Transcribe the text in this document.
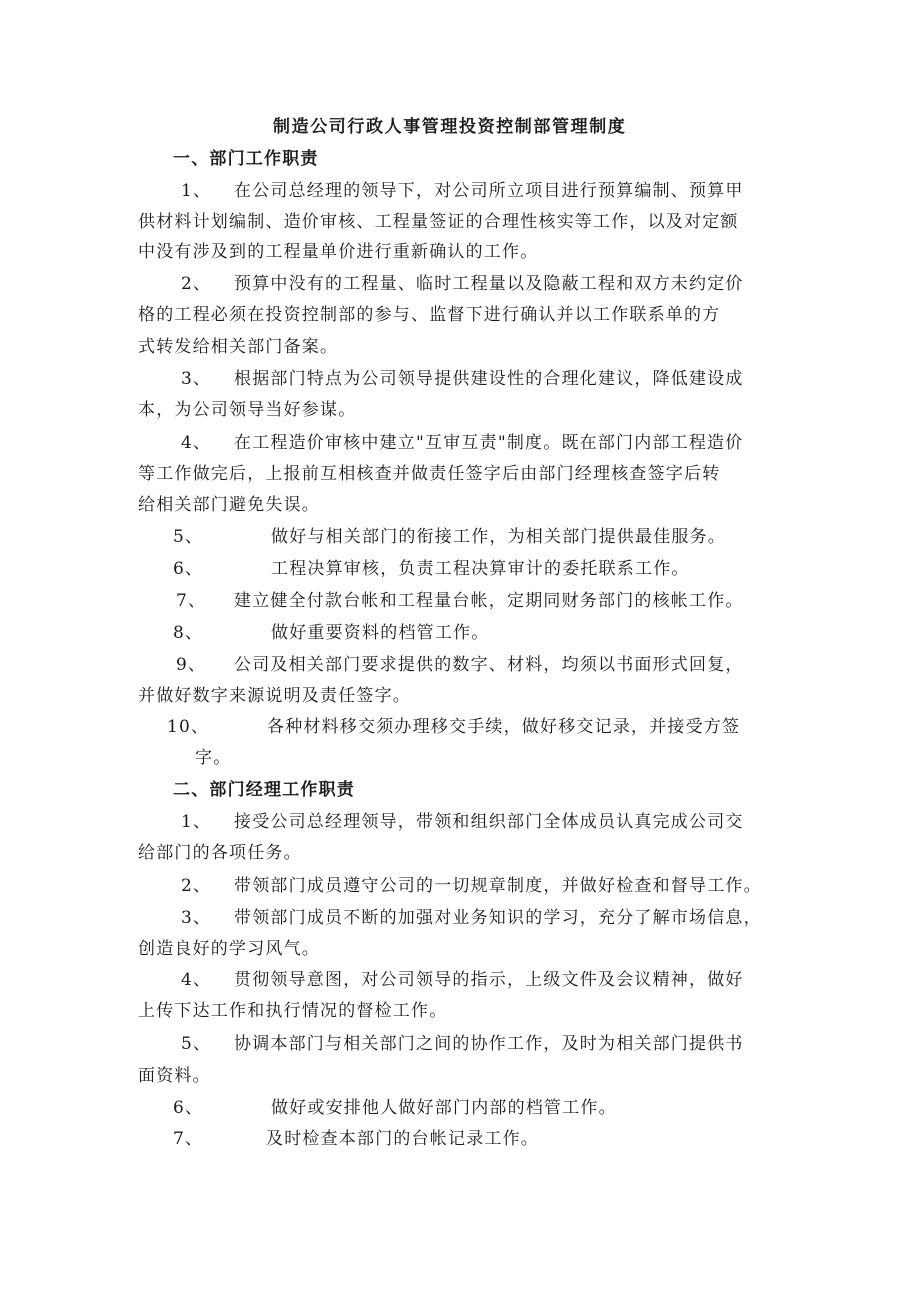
制造公司行政人事管理投资控制部管理制度
一、部门工作职责
1、 在公司总经理的领导下，对公司所立项目进行预算编制、预算甲
供材料计划编制、造价审核、工程量签证的合理性核实等工作，以及对定额
中没有涉及到的工程量单价进行重新确认的工作。
2、 预算中没有的工程量、临时工程量以及隐蔽工程和双方未约定价
格的工程必须在投资控制部的参与、监督下进行确认并以工作联系单的方
式转发给相关部门备案。
3、 根据部门特点为公司领导提供建设性的合理化建议，降低建设成
本，为公司领导当好参谋。
4、 在工程造价审核中建立"互审互责"制度。既在部门内部工程造价
等工作做完后，上报前互相核查并做责任签字后由部门经理核查签字后转
给相关部门避免失误。
5、	做好与相关部门的衔接工作，为相关部门提供最佳服务。
6、	工程决算审核，负责工程决算审计的委托联系工作。
7、 建立健全付款台帐和工程量台帐，定期同财务部门的核帐工作。
8、	做好重要资料的档管工作。
9、 公司及相关部门要求提供的数字、材料，均须以书面形式回复，
并做好数字来源说明及责任签字。
10、	各种材料移交须办理移交手续，做好移交记录，并接受方签
字。
二、部门经理工作职责
1、 接受公司总经理领导，带领和组织部门全体成员认真完成公司交
给部门的各项任务。
2、 带领部门成员遵守公司的一切规章制度，并做好检查和督导工作。
3、 带领部门成员不断的加强对业务知识的学习，充分了解市场信息，
创造良好的学习风气。
4、 贯彻领导意图，对公司领导的指示，上级文件及会议精神，做好
上传下达工作和执行情况的督检工作。
5、 协调本部门与相关部门之间的协作工作，及时为相关部门提供书
面资料。
6、	做好或安排他人做好部门内部的档管工作。
7、	及时检查本部门的台帐记录工作。
